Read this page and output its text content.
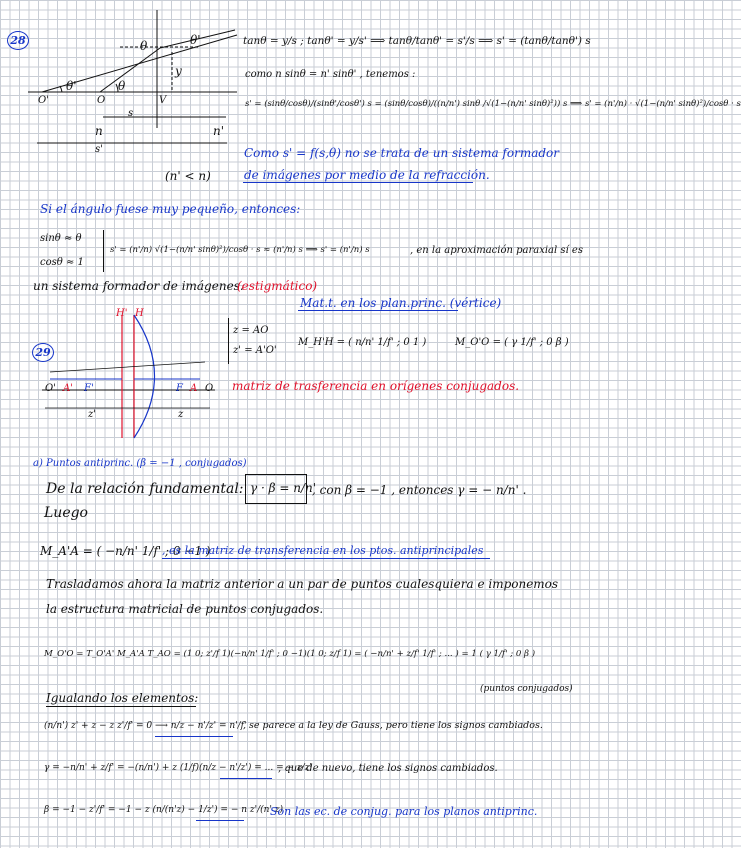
28
θ'	θ
θ'
θ
y
O'	O	V
s
n	n'
s'
(n' < n)
tanθ = y/s ; tanθ' = y/s' ⟹ tanθ/tanθ' = s'/s ⟹ s' = (tanθ/tanθ') s
como n sinθ = n' sinθ' , tenemos :
s' = (sinθ/cosθ)/(sinθ'/cosθ') s = (sinθ/cosθ)/((n/n') sinθ /√(1−(n/n' sinθ)²)) s ⟹ s' = (n'/n) · √(1−(n/n' sinθ)²)/cosθ · s
Como s' = f(s,θ) no se trata de un sistema formador
de imágenes por medio de la refracción.
Si el ángulo fuese muy pequeño, entonces:
sinθ ≈ θ
cosθ ≈ 1
s' = (n'/n) √(1−(n/n' sinθ)²)/cosθ · s ≈ (n'/n) s ⟹ s' = (n'/n) s	, en la aproximación paraxial sí es
un sistema formador de imágenes.
(estigmático)
Mat.t. en los plan.princ. (vértice)
29
H' H
O' A' F'	F A O
z'	z
z = AO
z' = A'O'
M_H'H = ( n/n' 1/f' ; 0 1 )	M_O'O = ( γ 1/f' ; 0 β )
matriz de trasferencia en orígenes conjugados.
a) Puntos antiprinc. (β = −1 , conjugados)
De la relación fundamental: γ · β = n/n'
, con β = −1 , entonces γ = − n/n' .
Luego
M_A'A = ( −n/n' 1/f' ; 0 −1 )
, es la matriz de transferencia en los ptos. antiprincipales
Trasladamos ahora la matriz anterior a un par de puntos cualesquiera e imponemos
la estructura matricial de puntos conjugados.
M_O'O = T_O'A' M_A'A T_AO = (1 0; z'/f 1)(−n/n' 1/f' ; 0 −1)(1 0; z/f 1) = ( −n/n' + z/f' 1/f' ; ... ) = 1 ( γ 1/f' ; 0 β )
(puntos conjugados)
Igualando los elementos:
(n/n') z' + z − z z'/f' = 0 ⟶ n/z − n'/z' = n'/f'
, se parece a la ley de Gauss, pero tiene los signos cambiados.
γ = −n/n' + z/f' = −(n/n') + z (1/f)(n/z − n'/z') = ... = − z/z'
, que de nuevo, tiene los signos cambiados.
β = −1 − z'/f' = −1 − z (n/(n'z) − 1/z') = − n z'/(n' z)
Son las ec. de conjug. para los planos antiprinc.
